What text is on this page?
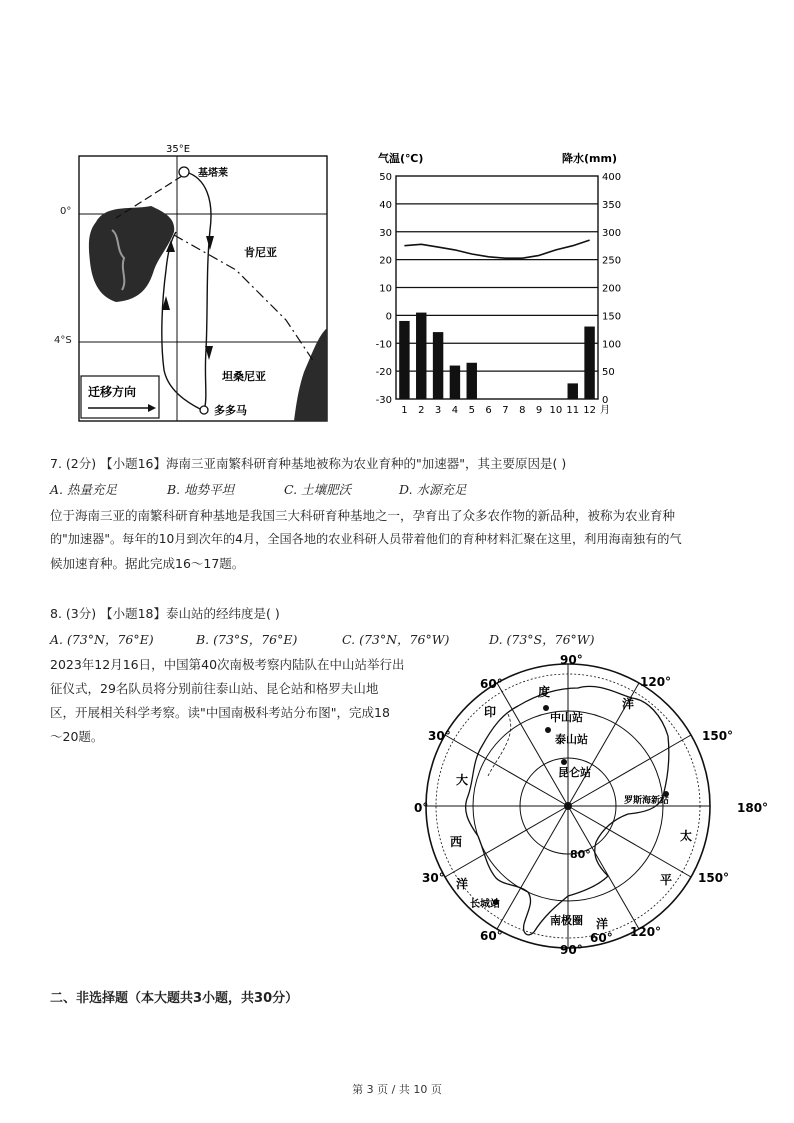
迁移方向
35°E
基塔莱
肯尼亚
坦桑尼亚
多多马
0°
4°S
气温(℃)	降水(mm)
50	400
40	350
30	300
20	250
10	200
0	150
-10	100
-20	50
-30	0
1 2 3 4 5 6 7 8 9 10 11 12 月
7. (2分) 【小题16】海南三亚南繁科研育种基地被称为农业育种的"加速器"，其主要原因是( )
A. 热量充足	B. 地势平坦	C. 土壤肥沃	D. 水源充足
位于海南三亚的南繁科研育种基地是我国三大科研育种基地之一，孕育出了众多农作物的新品种，被称为农业育种
的"加速器"。每年的10月到次年的4月，全国各地的农业科研人员带着他们的育种材料汇聚在这里，利用海南独有的气
候加速育种。据此完成16～17题。
8. (3分) 【小题18】泰山站的经纬度是( )
A. (73°N，76°E)	B. (73°S，76°E)	C. (73°N，76°W)	D. (73°S，76°W)
2023年12月16日，中国第40次南极考察内陆队在中山站举行出
征仪式，29名队员将分别前往泰山站、昆仑站和格罗夫山地
区，开展相关科学考察。读"中国南极科考站分布图"，完成18
～20题。
90°
120°
150°
180°
150°
120°
90°
60°
60°
30°
0°
30°
60°
80°
度
洋
印
大
西
洋
太
平
洋
中山站
泰山站
昆仑站
罗斯海新站
长城站
南极圈
二、非选择题（本大题共3小题，共30分）
第 3 页 / 共 10 页
